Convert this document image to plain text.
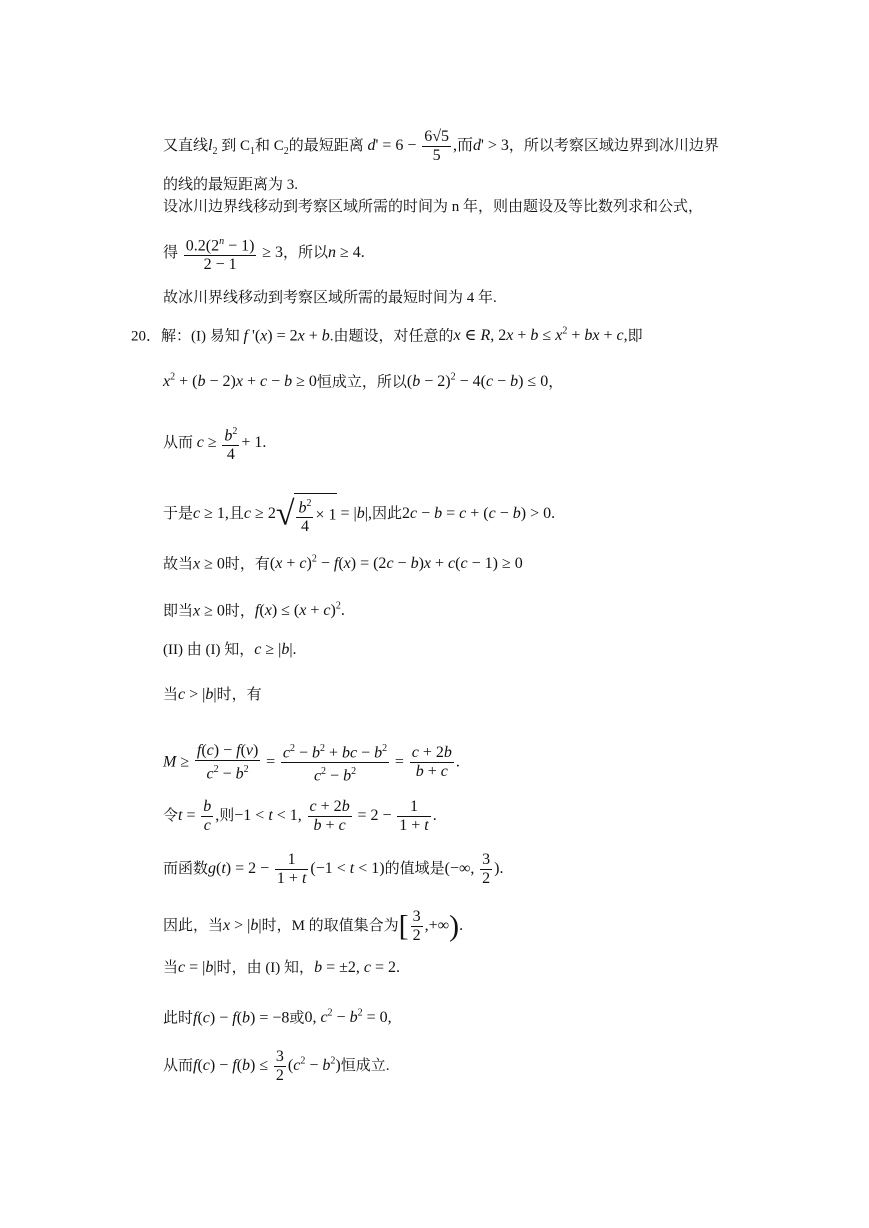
又直线$l_2$ 到 $C_1$和 $C_2$的最短距离 $d' = 6 - \frac{6√5}{5}$ ,而d' > 3，所以考察区域边界到冰川边界
的线的最短距离为 3.
设冰川边界线移动到考察区域所需的时间为 n 年，则由题设及等比数列求和公式，
得 $\frac{0.2(2^n - 1)}{2 - 1} \ge 3$，所以n ≥ 4.
故冰川界线移动到考察区域所需的最短时间为 4 年.
20．解：(I) 易知 f '(x) = 2x + b.由题设，对任意的x ∈ R, $2x + b \le x^2$ + bx + c,即
$x^2 + (b - 2)x + c - b \ge 0$恒成立，所以$(b - 2)^2 - 4(c - b) \le 0$，
从而 $c \ge \frac{b^2}{4} + 1$.
于是c ≥ 1,且$c \ge 2√ \frac{b^2}{4} \times 1 = |b|$,因此2c − b = c + (c − b) > 0.
故当x ≥ 0时，有$(x + c)^2 - f(x) = (2c - b)x + c(c - 1) \ge 0$
即当x ≥ 0时，$f(x) \le (x + c)^2$.
(II) 由 (I) 知，c ≥ |b|.
当c > |b|时，有
$M \ge \frac{f(c) - f(v)}{c^2 - b^2} = \frac{c^2 - b^2 + bc - b^2}{c^2 - b^2} = \frac{c + 2b}{b + c}$ .
令$t = \frac{b}{c}$ ,则−1 < t < 1, $\frac{c + 2b}{b + c} = 2 - \frac{1}{1 + t}$ .
而函数$g(t) = 2 - \frac{1}{1 + t} (-1 < t < 1)$的值域是(−∞, $\frac{3}{2}$ ).
因此，当x > |b|时，M 的取值集合为[ $\frac{3}{2}$ ,+∞).
当c = |b|时，由 (I) 知，b = ±2, c = 2.
此时f(c) − f(b) = −8或0, $c^2 - b^2 = 0$,
从而$f(c) - f(b) \le \frac{3}{2} (c^2 - b^2)$恒成立.
